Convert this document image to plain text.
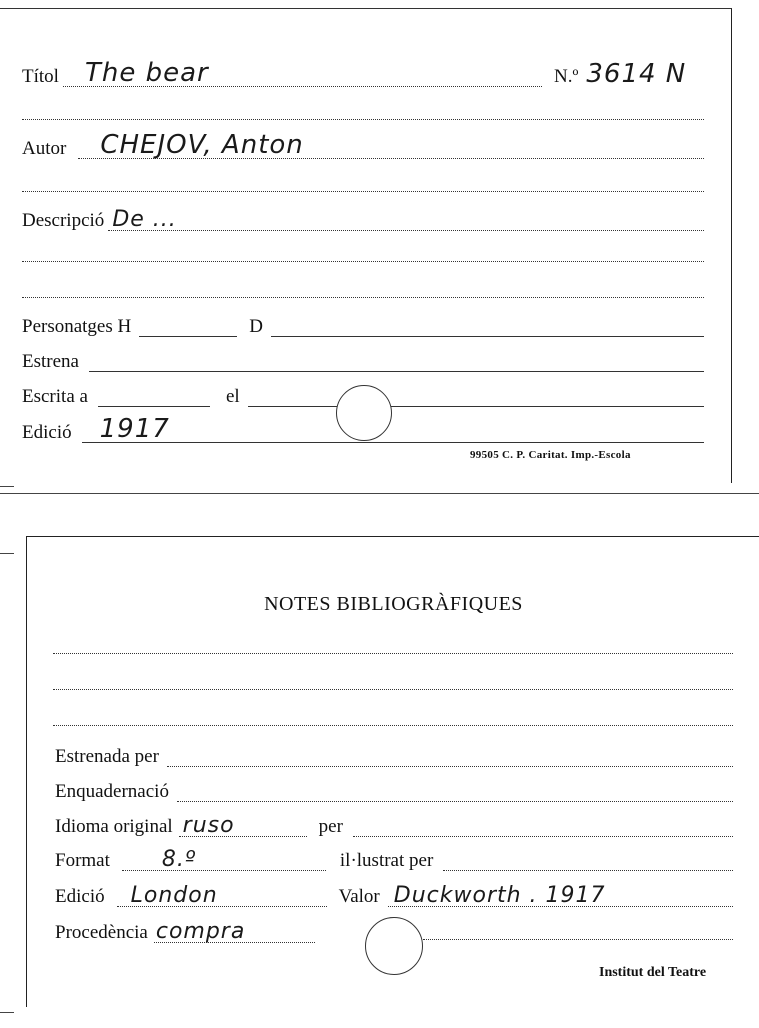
Títol The bear	N.º 3614 N
Autor CHEJOV, Anton
Descripció De ...
Personatges H	D
Estrena
Escrita a	el
Edició 1917
99505 C. P. Caritat. Imp.-Escola
NOTES BIBLIOGRÀFIQUES
Estrenada per
Enquadernació
Idioma original ruso	per
Format 8.º	il·lustrat per
Edició London	Valor Duckworth . 1917
Procedència compra
Institut del Teatre
